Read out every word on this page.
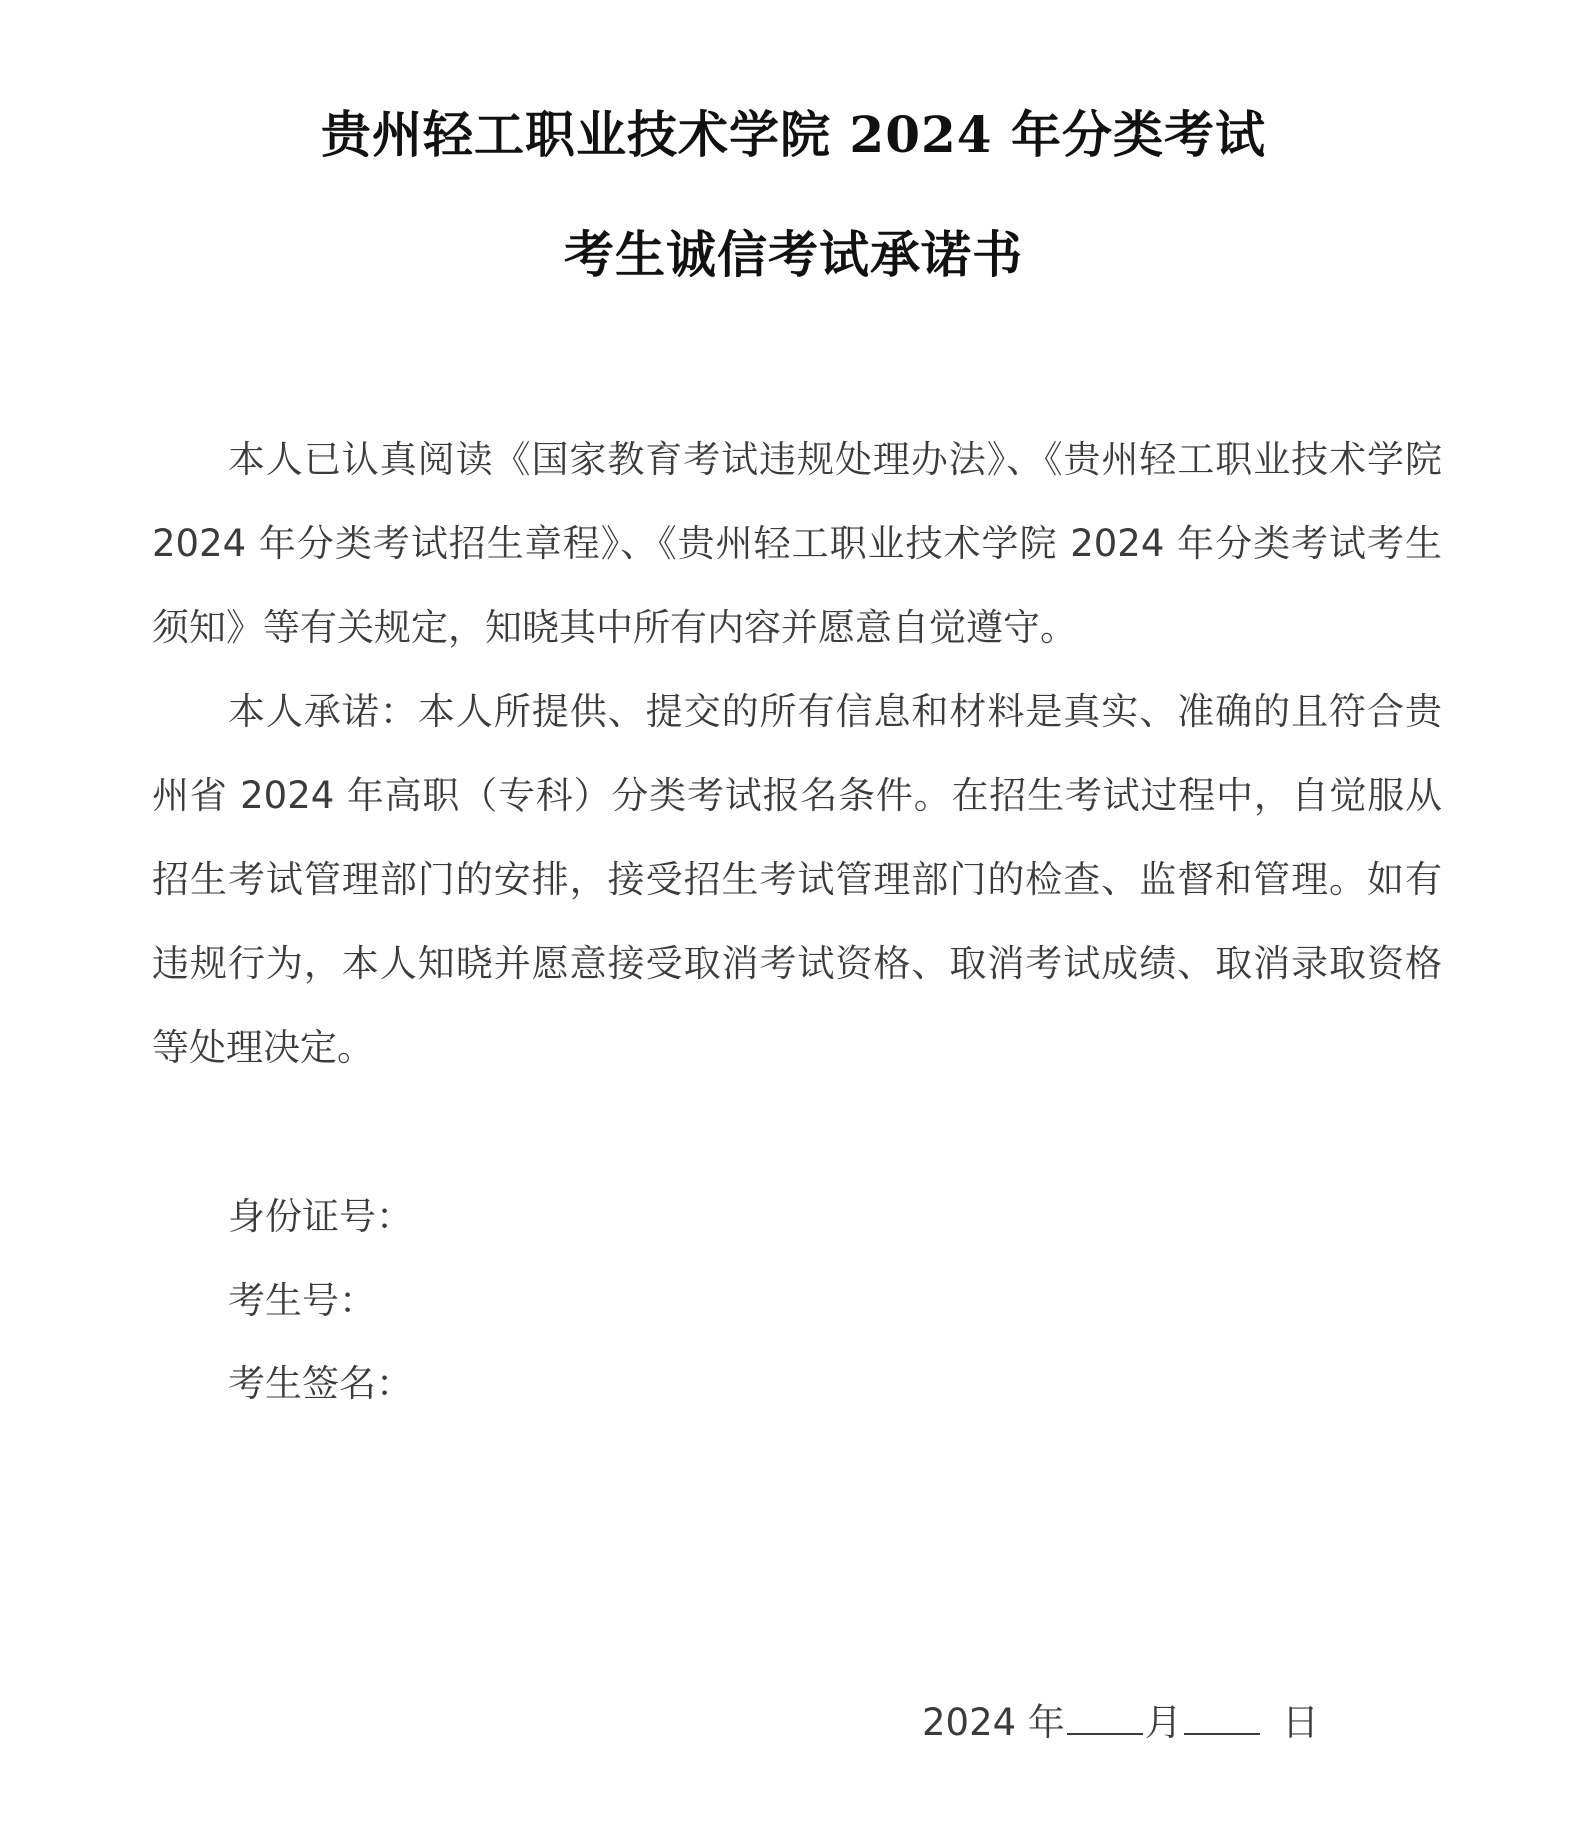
贵州轻工职业技术学院 2024 年分类考试
考生诚信考试承诺书

本人已认真阅读《国家教育考试违规处理办法》、《贵州轻工职业技术学院 2024 年分类考试招生章程》、《贵州轻工职业技术学院 2024 年分类考试考生须知》等有关规定，知晓其中所有内容并愿意自觉遵守。

本人承诺：本人所提供、提交的所有信息和材料是真实、准确的且符合贵州省 2024 年高职（专科）分类考试报名条件。在招生考试过程中，自觉服从招生考试管理部门的安排，接受招生考试管理部门的检查、监督和管理。如有违规行为，本人知晓并愿意接受取消考试资格、取消考试成绩、取消录取资格等处理决定。

身份证号：
考生号：
考生签名：
2024 年 月	日
